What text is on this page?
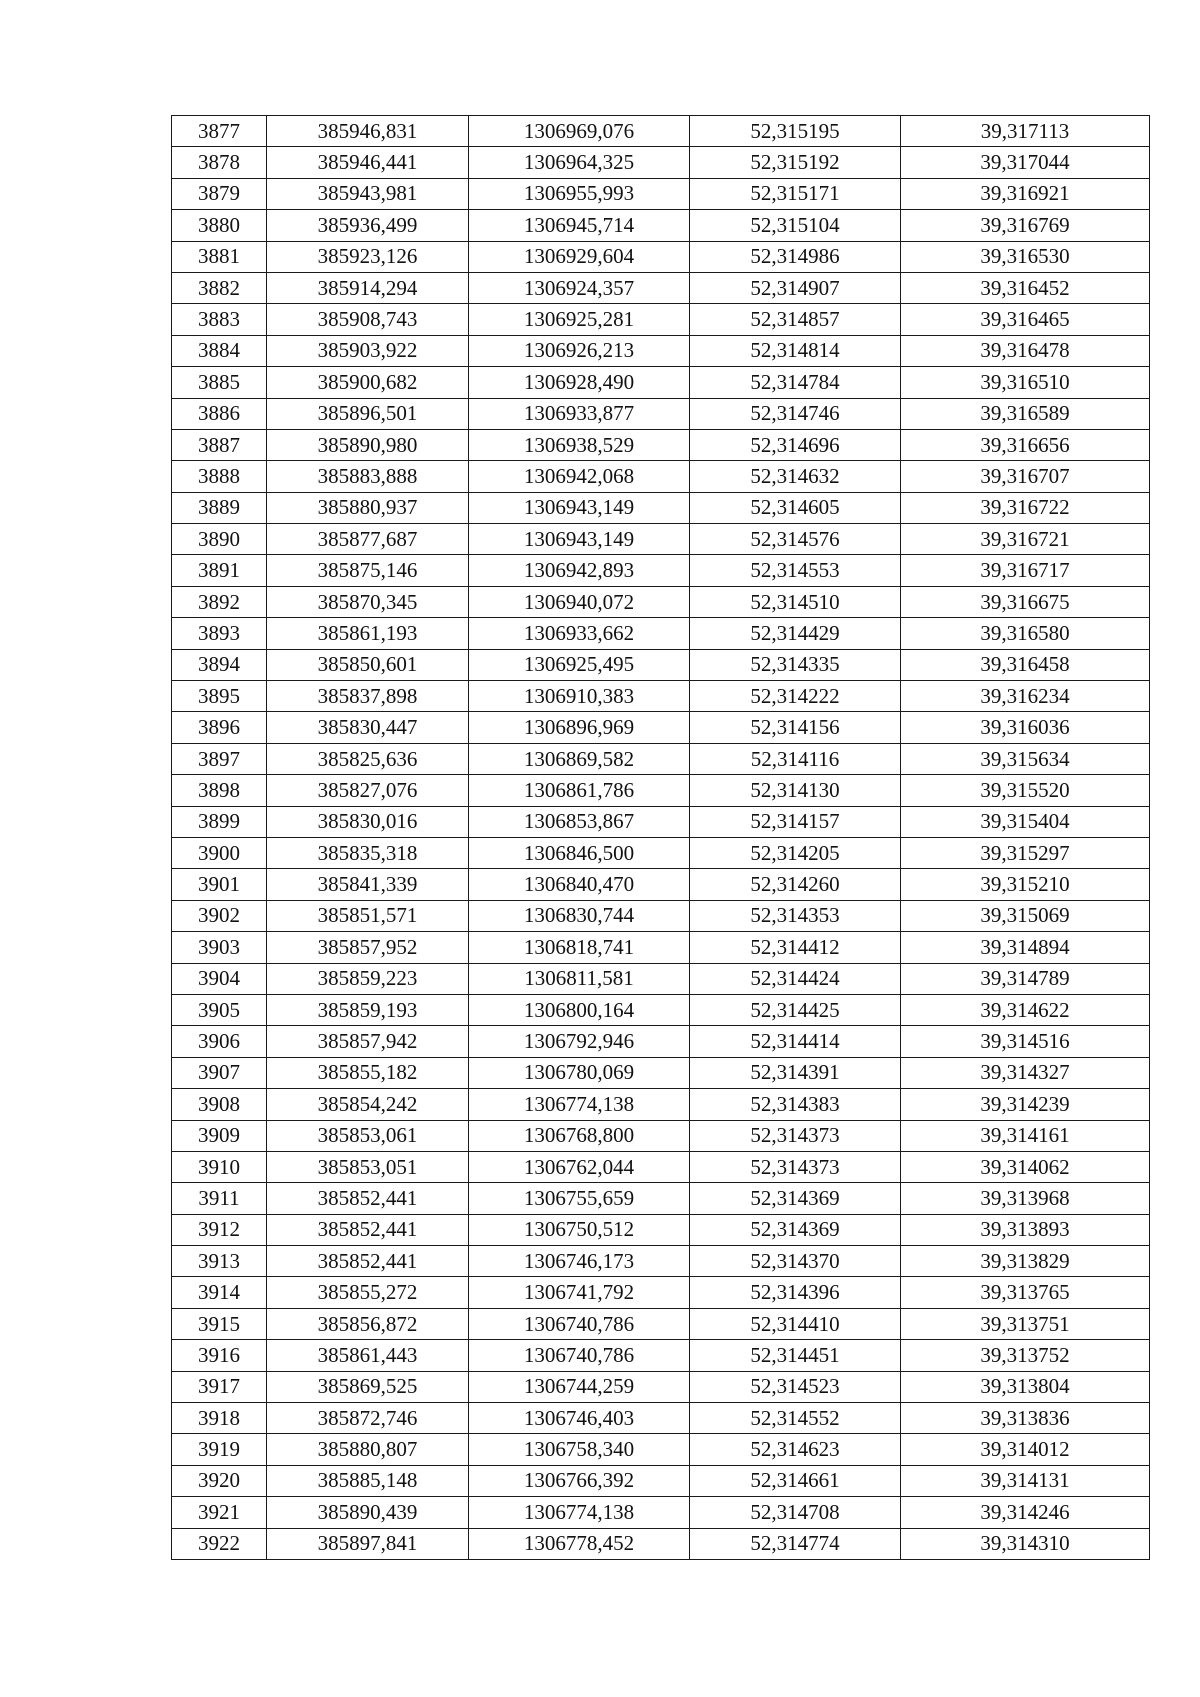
3877	385946,831	1306969,076	52,315195	39,317113
3878	385946,441	1306964,325	52,315192	39,317044
3879	385943,981	1306955,993	52,315171	39,316921
3880	385936,499	1306945,714	52,315104	39,316769
3881	385923,126	1306929,604	52,314986	39,316530
3882	385914,294	1306924,357	52,314907	39,316452
3883	385908,743	1306925,281	52,314857	39,316465
3884	385903,922	1306926,213	52,314814	39,316478
3885	385900,682	1306928,490	52,314784	39,316510
3886	385896,501	1306933,877	52,314746	39,316589
3887	385890,980	1306938,529	52,314696	39,316656
3888	385883,888	1306942,068	52,314632	39,316707
3889	385880,937	1306943,149	52,314605	39,316722
3890	385877,687	1306943,149	52,314576	39,316721
3891	385875,146	1306942,893	52,314553	39,316717
3892	385870,345	1306940,072	52,314510	39,316675
3893	385861,193	1306933,662	52,314429	39,316580
3894	385850,601	1306925,495	52,314335	39,316458
3895	385837,898	1306910,383	52,314222	39,316234
3896	385830,447	1306896,969	52,314156	39,316036
3897	385825,636	1306869,582	52,314116	39,315634
3898	385827,076	1306861,786	52,314130	39,315520
3899	385830,016	1306853,867	52,314157	39,315404
3900	385835,318	1306846,500	52,314205	39,315297
3901	385841,339	1306840,470	52,314260	39,315210
3902	385851,571	1306830,744	52,314353	39,315069
3903	385857,952	1306818,741	52,314412	39,314894
3904	385859,223	1306811,581	52,314424	39,314789
3905	385859,193	1306800,164	52,314425	39,314622
3906	385857,942	1306792,946	52,314414	39,314516
3907	385855,182	1306780,069	52,314391	39,314327
3908	385854,242	1306774,138	52,314383	39,314239
3909	385853,061	1306768,800	52,314373	39,314161
3910	385853,051	1306762,044	52,314373	39,314062
3911	385852,441	1306755,659	52,314369	39,313968
3912	385852,441	1306750,512	52,314369	39,313893
3913	385852,441	1306746,173	52,314370	39,313829
3914	385855,272	1306741,792	52,314396	39,313765
3915	385856,872	1306740,786	52,314410	39,313751
3916	385861,443	1306740,786	52,314451	39,313752
3917	385869,525	1306744,259	52,314523	39,313804
3918	385872,746	1306746,403	52,314552	39,313836
3919	385880,807	1306758,340	52,314623	39,314012
3920	385885,148	1306766,392	52,314661	39,314131
3921	385890,439	1306774,138	52,314708	39,314246
3922	385897,841	1306778,452	52,314774	39,314310
